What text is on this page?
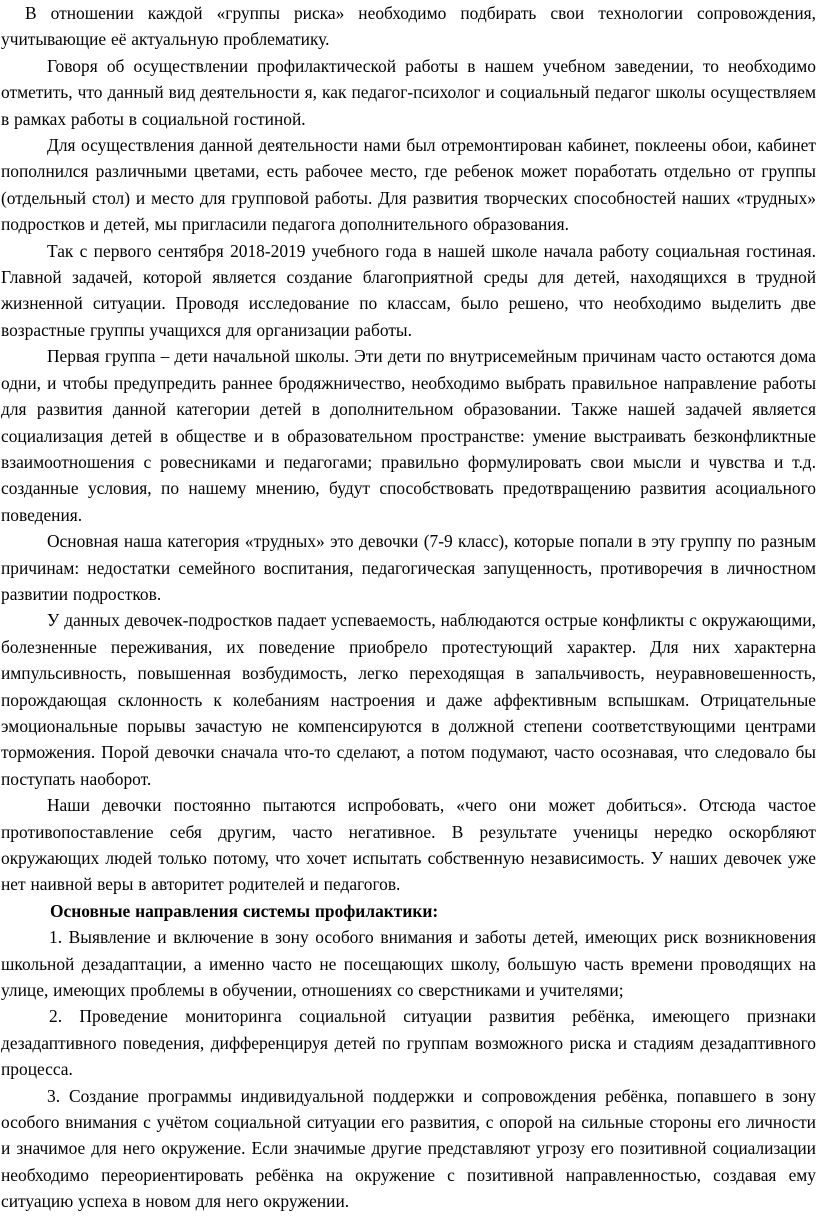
В отношении каждой «группы риска» необходимо подбирать свои технологии сопровождения, учитывающие её актуальную проблематику.

Говоря об осуществлении профилактической работы в нашем учебном заведении, то необходимо отметить, что данный вид деятельности я, как педагог-психолог и социальный педагог школы осуществляем в рамках работы в социальной гостиной.

Для осуществления данной деятельности нами был отремонтирован кабинет, поклеены обои, кабинет пополнился различными цветами, есть рабочее место, где ребенок может поработать отдельно от группы (отдельный стол) и место для групповой работы. Для развития творческих способностей наших «трудных» подростков и детей, мы пригласили педагога дополнительного образования.

Так с первого сентября 2018-2019 учебного года в нашей школе начала работу социальная гостиная. Главной задачей, которой является создание благоприятной среды для детей, находящихся в трудной жизненной ситуации. Проводя исследование по классам, было решено, что необходимо выделить две возрастные группы учащихся для организации работы.

Первая группа – дети начальной школы. Эти дети по внутрисемейным причинам часто остаются дома одни, и чтобы предупредить раннее бродяжничество, необходимо выбрать правильное направление работы для развития данной категории детей в дополнительном образовании. Также нашей задачей является социализация детей в обществе и в образовательном пространстве: умение выстраивать безконфликтные взаимоотношения с ровесниками и педагогами; правильно формулировать свои мысли и чувства и т.д. созданные условия, по нашему мнению, будут способствовать предотвращению развития асоциального поведения.

Основная наша категория «трудных» это девочки (7-9 класс), которые попали в эту группу по разным причинам: недостатки семейного воспитания, педагогическая запущенность, противоречия в личностном развитии подростков.

У данных девочек-подростков падает успеваемость, наблюдаются острые конфликты с окружающими, болезненные переживания, их поведение приобрело протестующий характер. Для них характерна импульсивность, повышенная возбудимость, легко переходящая в запальчивость, неуравновешенность, порождающая склонность к колебаниям настроения и даже аффективным вспышкам. Отрицательные эмоциональные порывы зачастую не компенсируются в должной степени соответствующими центрами торможения. Порой девочки сначала что-то сделают, а потом подумают, часто осознавая, что следовало бы поступать наоборот.

Наши девочки постоянно пытаются испробовать, «чего они может добиться». Отсюда частое противопоставление себя другим, часто негативное. В результате ученицы нередко оскорбляют окружающих людей только потому, что хочет испытать собственную независимость. У наших девочек уже нет наивной веры в авторитет родителей и педагогов.

Основные направления системы профилактики:

1. Выявление и включение в зону особого внимания и заботы детей, имеющих риск возникновения школьной дезадаптации, а именно часто не посещающих школу, большую часть времени проводящих на улице, имеющих проблемы в обучении, отношениях со сверстниками и учителями;

2. Проведение мониторинга социальной ситуации развития ребёнка, имеющего признаки дезадаптивного поведения, дифференцируя детей по группам возможного риска и стадиям дезадаптивного процесса.

3. Создание программы индивидуальной поддержки и сопровождения ребёнка, попавшего в зону особого внимания с учётом социальной ситуации его развития, с опорой на сильные стороны его личности и значимое для него окружение. Если значимые другие представляют угрозу его позитивной социализации необходимо переориентировать ребёнка на окружение с позитивной направленностью, создавая ему ситуацию успеха в новом для него окружении.
